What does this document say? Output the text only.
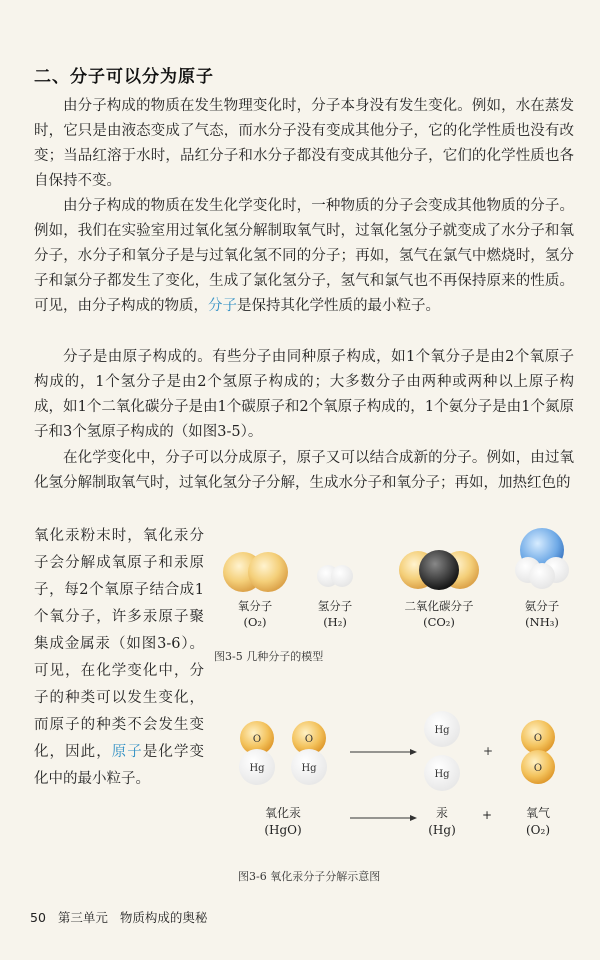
二、分子可以分为原子

由分子构成的物质在发生物理变化时，分子本身没有发生变化。例如，水在蒸发时，它只是由液态变成了气态，而水分子没有变成其他分子，它的化学性质也没有改变；当品红溶于水时，品红分子和水分子都没有变成其他分子，它们的化学性质也各自保持不变。

由分子构成的物质在发生化学变化时，一种物质的分子会变成其他物质的分子。例如，我们在实验室用过氧化氢分解制取氧气时，过氧化氢分子就变成了水分子和氧分子，水分子和氧分子是与过氧化氢不同的分子；再如，氢气在氯气中燃烧时，氢分子和氯分子都发生了变化，生成了氯化氢分子，氢气和氯气也不再保持原来的性质。可见，由分子构成的物质，分子是保持其化学性质的最小粒子。

分子是由原子构成的。有些分子由同种原子构成，如1个氧分子是由2个氧原子构成的，1个氢分子是由2个氢原子构成的；大多数分子由两种或两种以上原子构成，如1个二氧化碳分子是由1个碳原子和2个氧原子构成的，1个氨分子是由1个氮原子和3个氢原子构成的（如图3-5）。

在化学变化中，分子可以分成原子，原子又可以结合成新的分子。例如，由过氧化氢分解制取氧气时，过氧化氢分子分解，生成水分子和氧分子；再如，加热红色的

氧化汞粉末时，氧化汞分子会分解成氧原子和汞原子，每2个氧原子结合成1个氧分子，许多汞原子聚集成金属汞（如图3-6）。可见，在化学变化中，分子的种类可以发生变化，而原子的种类不会发生变化，因此，原子是化学变化中的最小粒子。

氧分子
(O₂)
氢分子
(H₂)
二氧化碳分子
(CO₂)
氨分子
(NH₃)
图3-5 几种分子的模型
O
Hg
O
Hg
Hg
Hg
+
O
O
氧化汞
(HgO)
汞
(Hg)
+	氧气
(O₂)
图3-6 氧化汞分子分解示意图
50 第三单元 物质构成的奥秘
